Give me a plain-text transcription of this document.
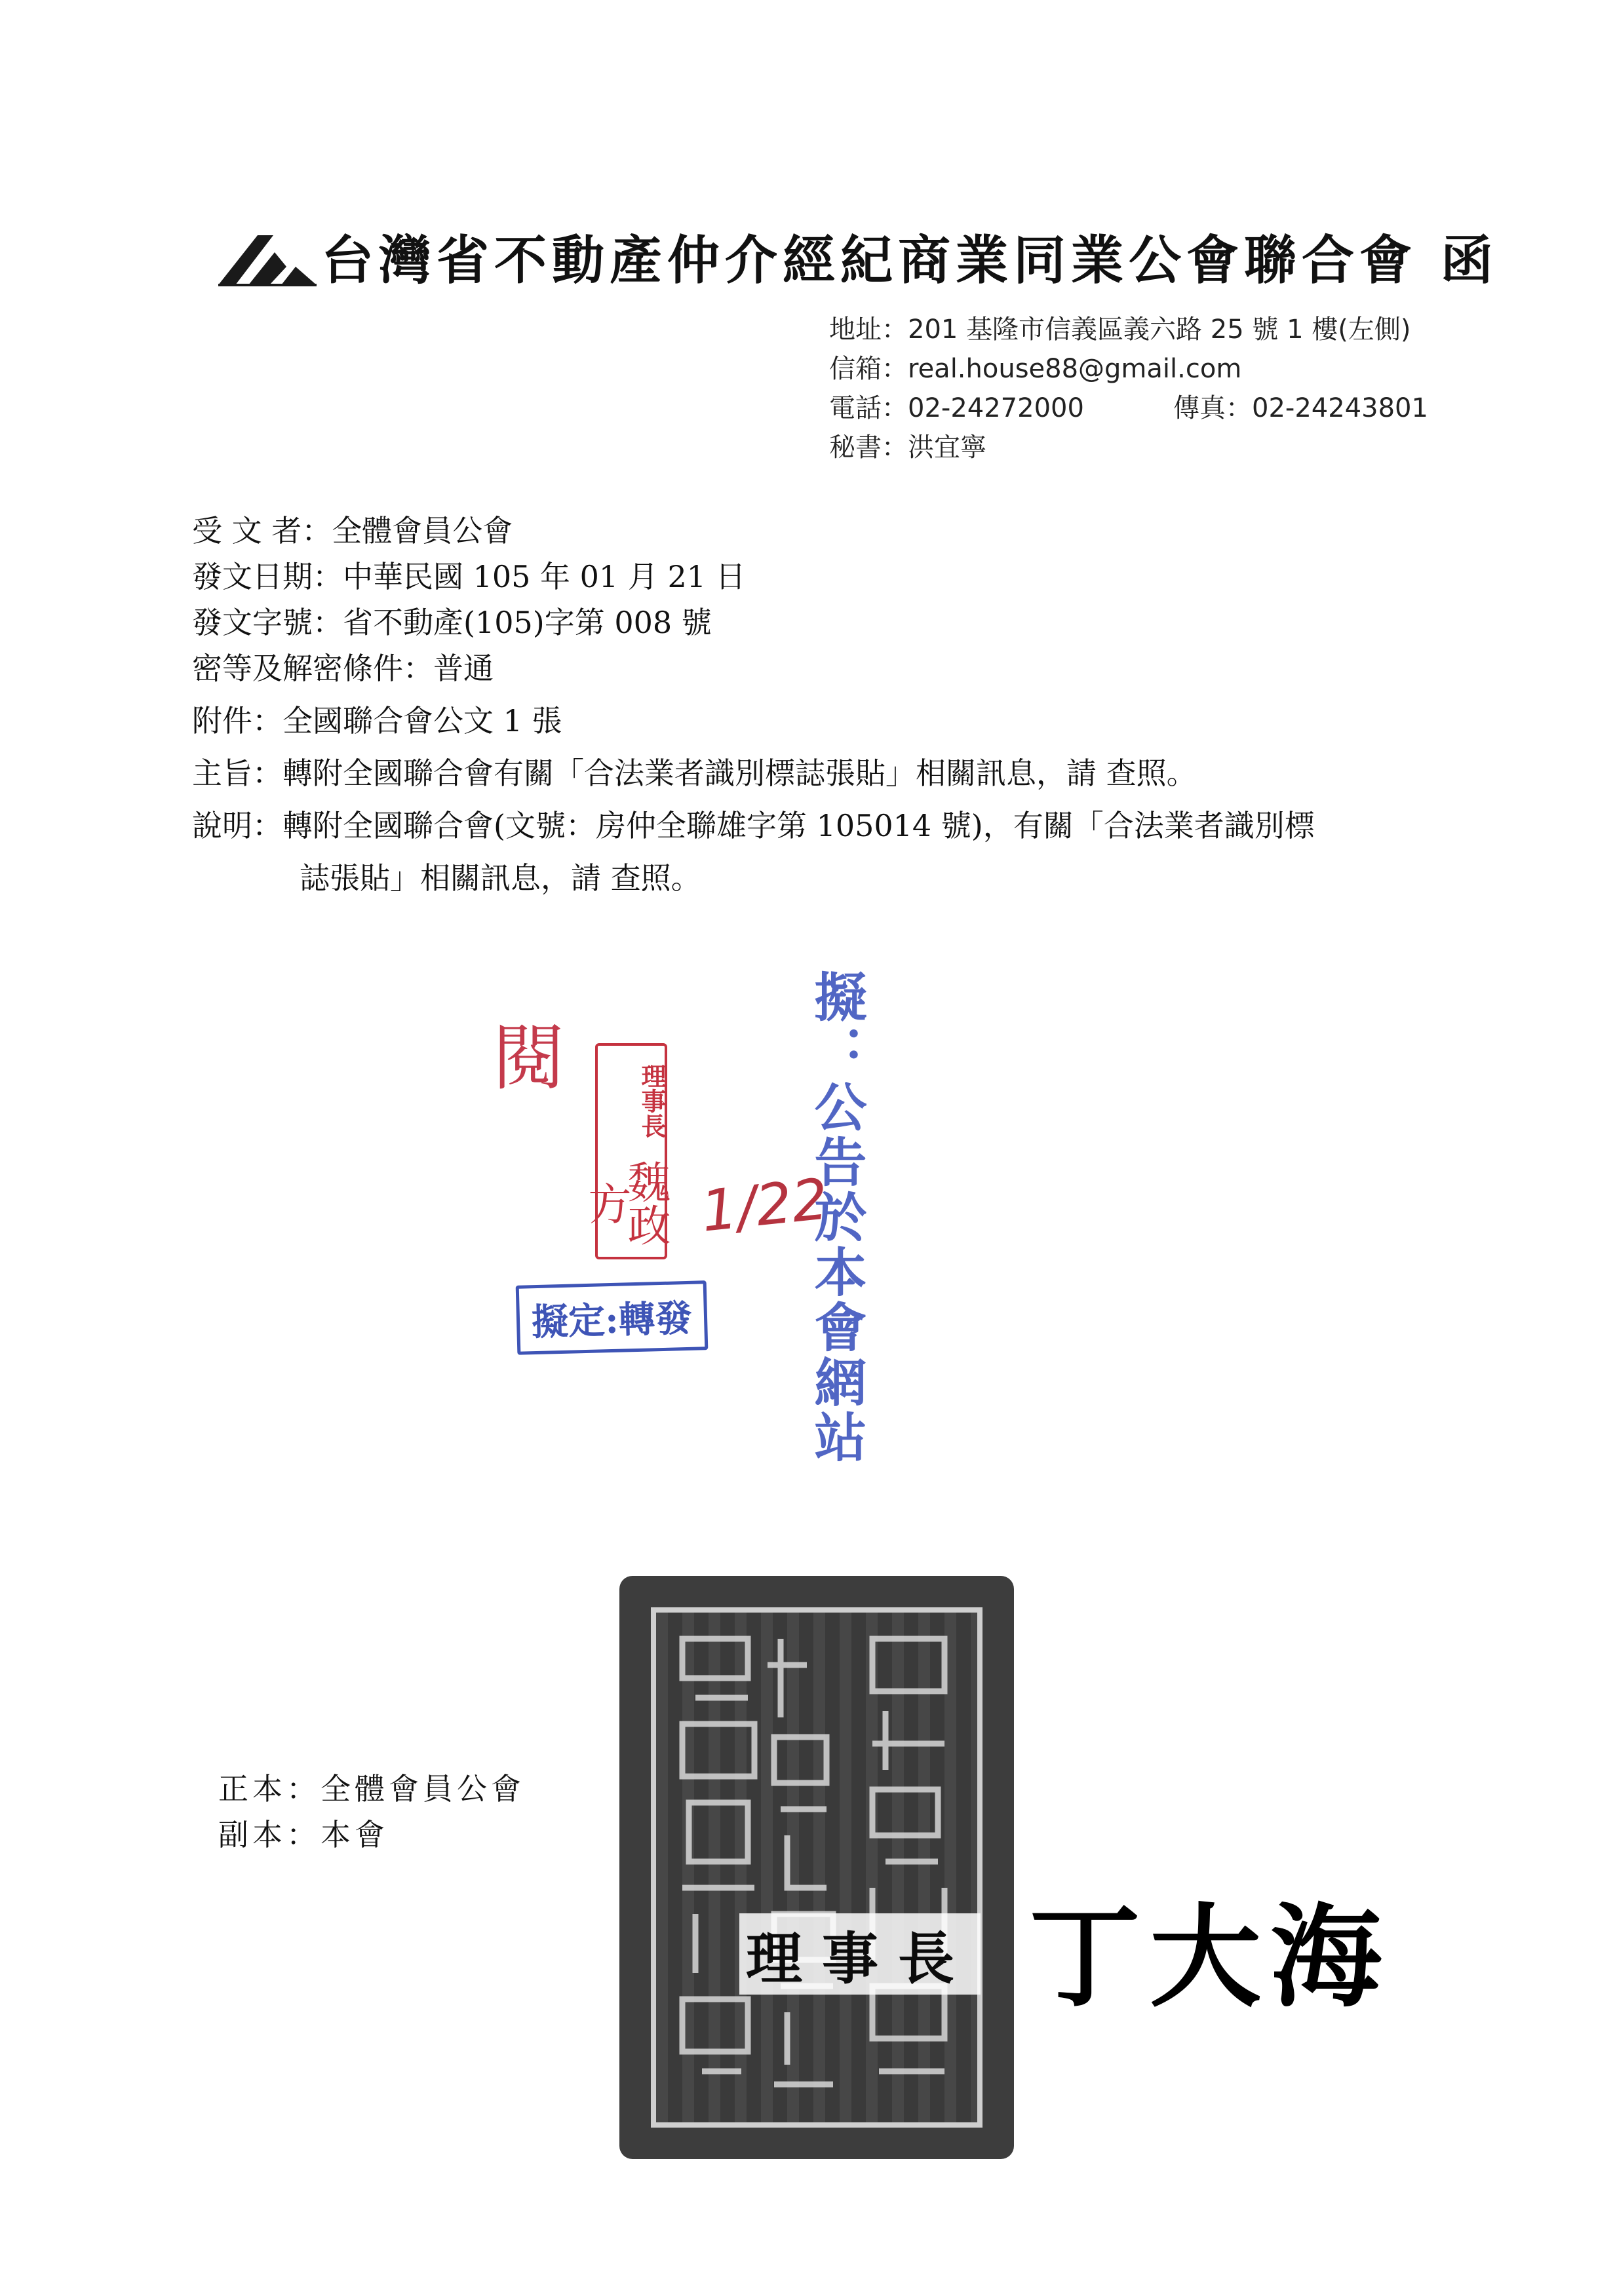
台灣省不動產仲介經紀商業同業公會聯合會 函
地址：201 基隆市信義區義六路 25 號 1 樓(左側)
信箱：real.house88@gmail.com
電話：02-24272000	傳真：02-24243801
秘書：洪宜寧
受 文 者：全體會員公會
發文日期：中華民國 105 年 01 月 21 日
發文字號：省不動產(105)字第 008 號
密等及解密條件：普通
附件：全國聯合會公文 1 張
主旨：轉附全國聯合會有關「合法業者識別標誌張貼」相關訊息，請 查照。
說明：轉附全國聯合會(文號：房仲全聯雄字第 105014 號)，有關「合法業者識別標
誌張貼」相關訊息，請 查照。
閱
理事長
魏政方	1/22
擬定:轉發	擬：公告於本會網站
正本：全體會員公會
副本：本會
理事長 丁大海
